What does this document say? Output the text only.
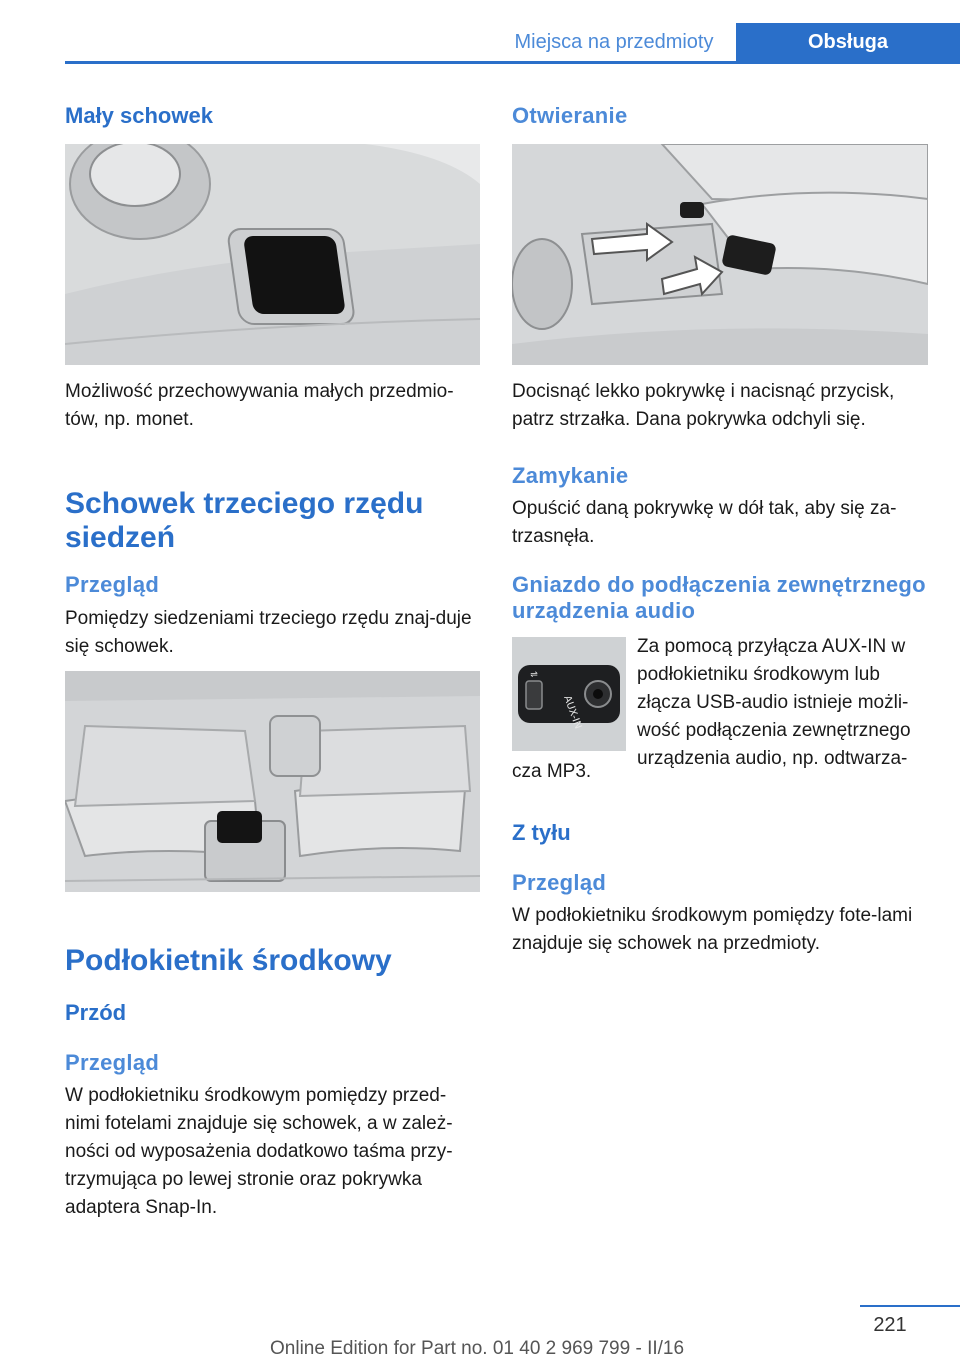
Miejsca na przedmioty	Obsługa
Mały schowek
Możliwość przechowywania małych przedmio-tów, np. monet.
Schowek trzeciego rzędu
siedzeń
Przegląd
Pomiędzy siedzeniami trzeciego rzędu znaj-duje się schowek.
Podłokietnik środkowy
Przód
Przegląd
W podłokietniku środkowym pomiędzy przed-nimi fotelami znajduje się schowek, a w zależ-ności od wyposażenia dodatkowo taśma przy-trzymująca po lewej stronie oraz pokrywka adaptera Snap-In.
Otwieranie
Docisnąć lekko pokrywkę i nacisnąć przycisk, patrz strzałka. Dana pokrywka odchyli się.
Zamykanie
Opuścić daną pokrywkę w dół tak, aby się za-trzasnęła.
Gniazdo do podłączenia zewnętrznego
urządzenia audio
⇌
AUX-IN
Za pomocą przyłącza AUX-IN w podłokietniku środkowym lub złącza USB-audio istnieje możli-wość podłączenia zewnętrznego urządzenia audio, np. odtwarza-
cza MP3.
Z tyłu
Przegląd
W podłokietniku środkowym pomiędzy fote-lami znajduje się schowek na przedmioty.
221
Online Edition for Part no. 01 40 2 969 799 - II/16
